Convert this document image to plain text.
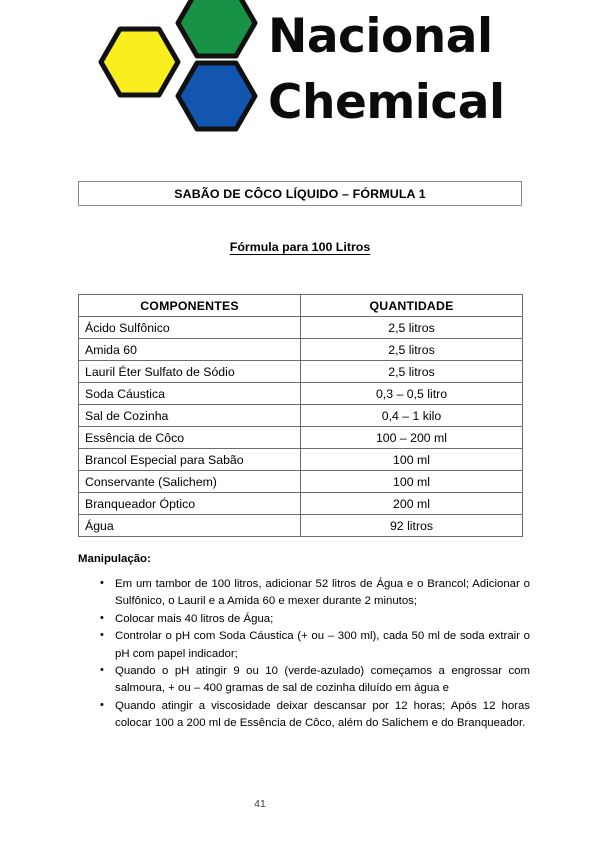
Nacional
Chemical
SABÃO DE CÔCO LÍQUIDO – FÓRMULA 1
Fórmula para 100 Litros
COMPONENTES	QUANTIDADE
Ácido Sulfônico	2,5 litros
Amida 60	2,5 litros
Lauril Éter Sulfato de Sódio	2,5 litros
Soda Cáustica	0,3 – 0,5 litro
Sal de Cozinha	0,4 – 1 kilo
Essência de Côco	100 – 200 ml
Brancol Especial para Sabão	100 ml
Conservante (Salichem)	100 ml
Branqueador Óptico	200 ml
Água	92 litros
Manipulação:
• Em um tambor de 100 litros, adicionar 52 litros de Água e o Brancol; Adicionar o Sulfônico, o Lauril e a Amida 60 e mexer durante 2 minutos;
• Colocar mais 40 litros de Água;
• Controlar o pH com Soda Cáustica (+ ou – 300 ml), cada 50 ml de soda extrair o pH com papel indicador;
• Quando o pH atingir 9 ou 10 (verde-azulado) começamos a engrossar com salmoura, + ou – 400 gramas de sal de cozinha diluído em água e
• Quando atingir a viscosidade deixar descansar por 12 horas; Após 12 horas colocar 100 a 200 ml de Essência de Côco, além do Salichem e do Branqueador.
41
